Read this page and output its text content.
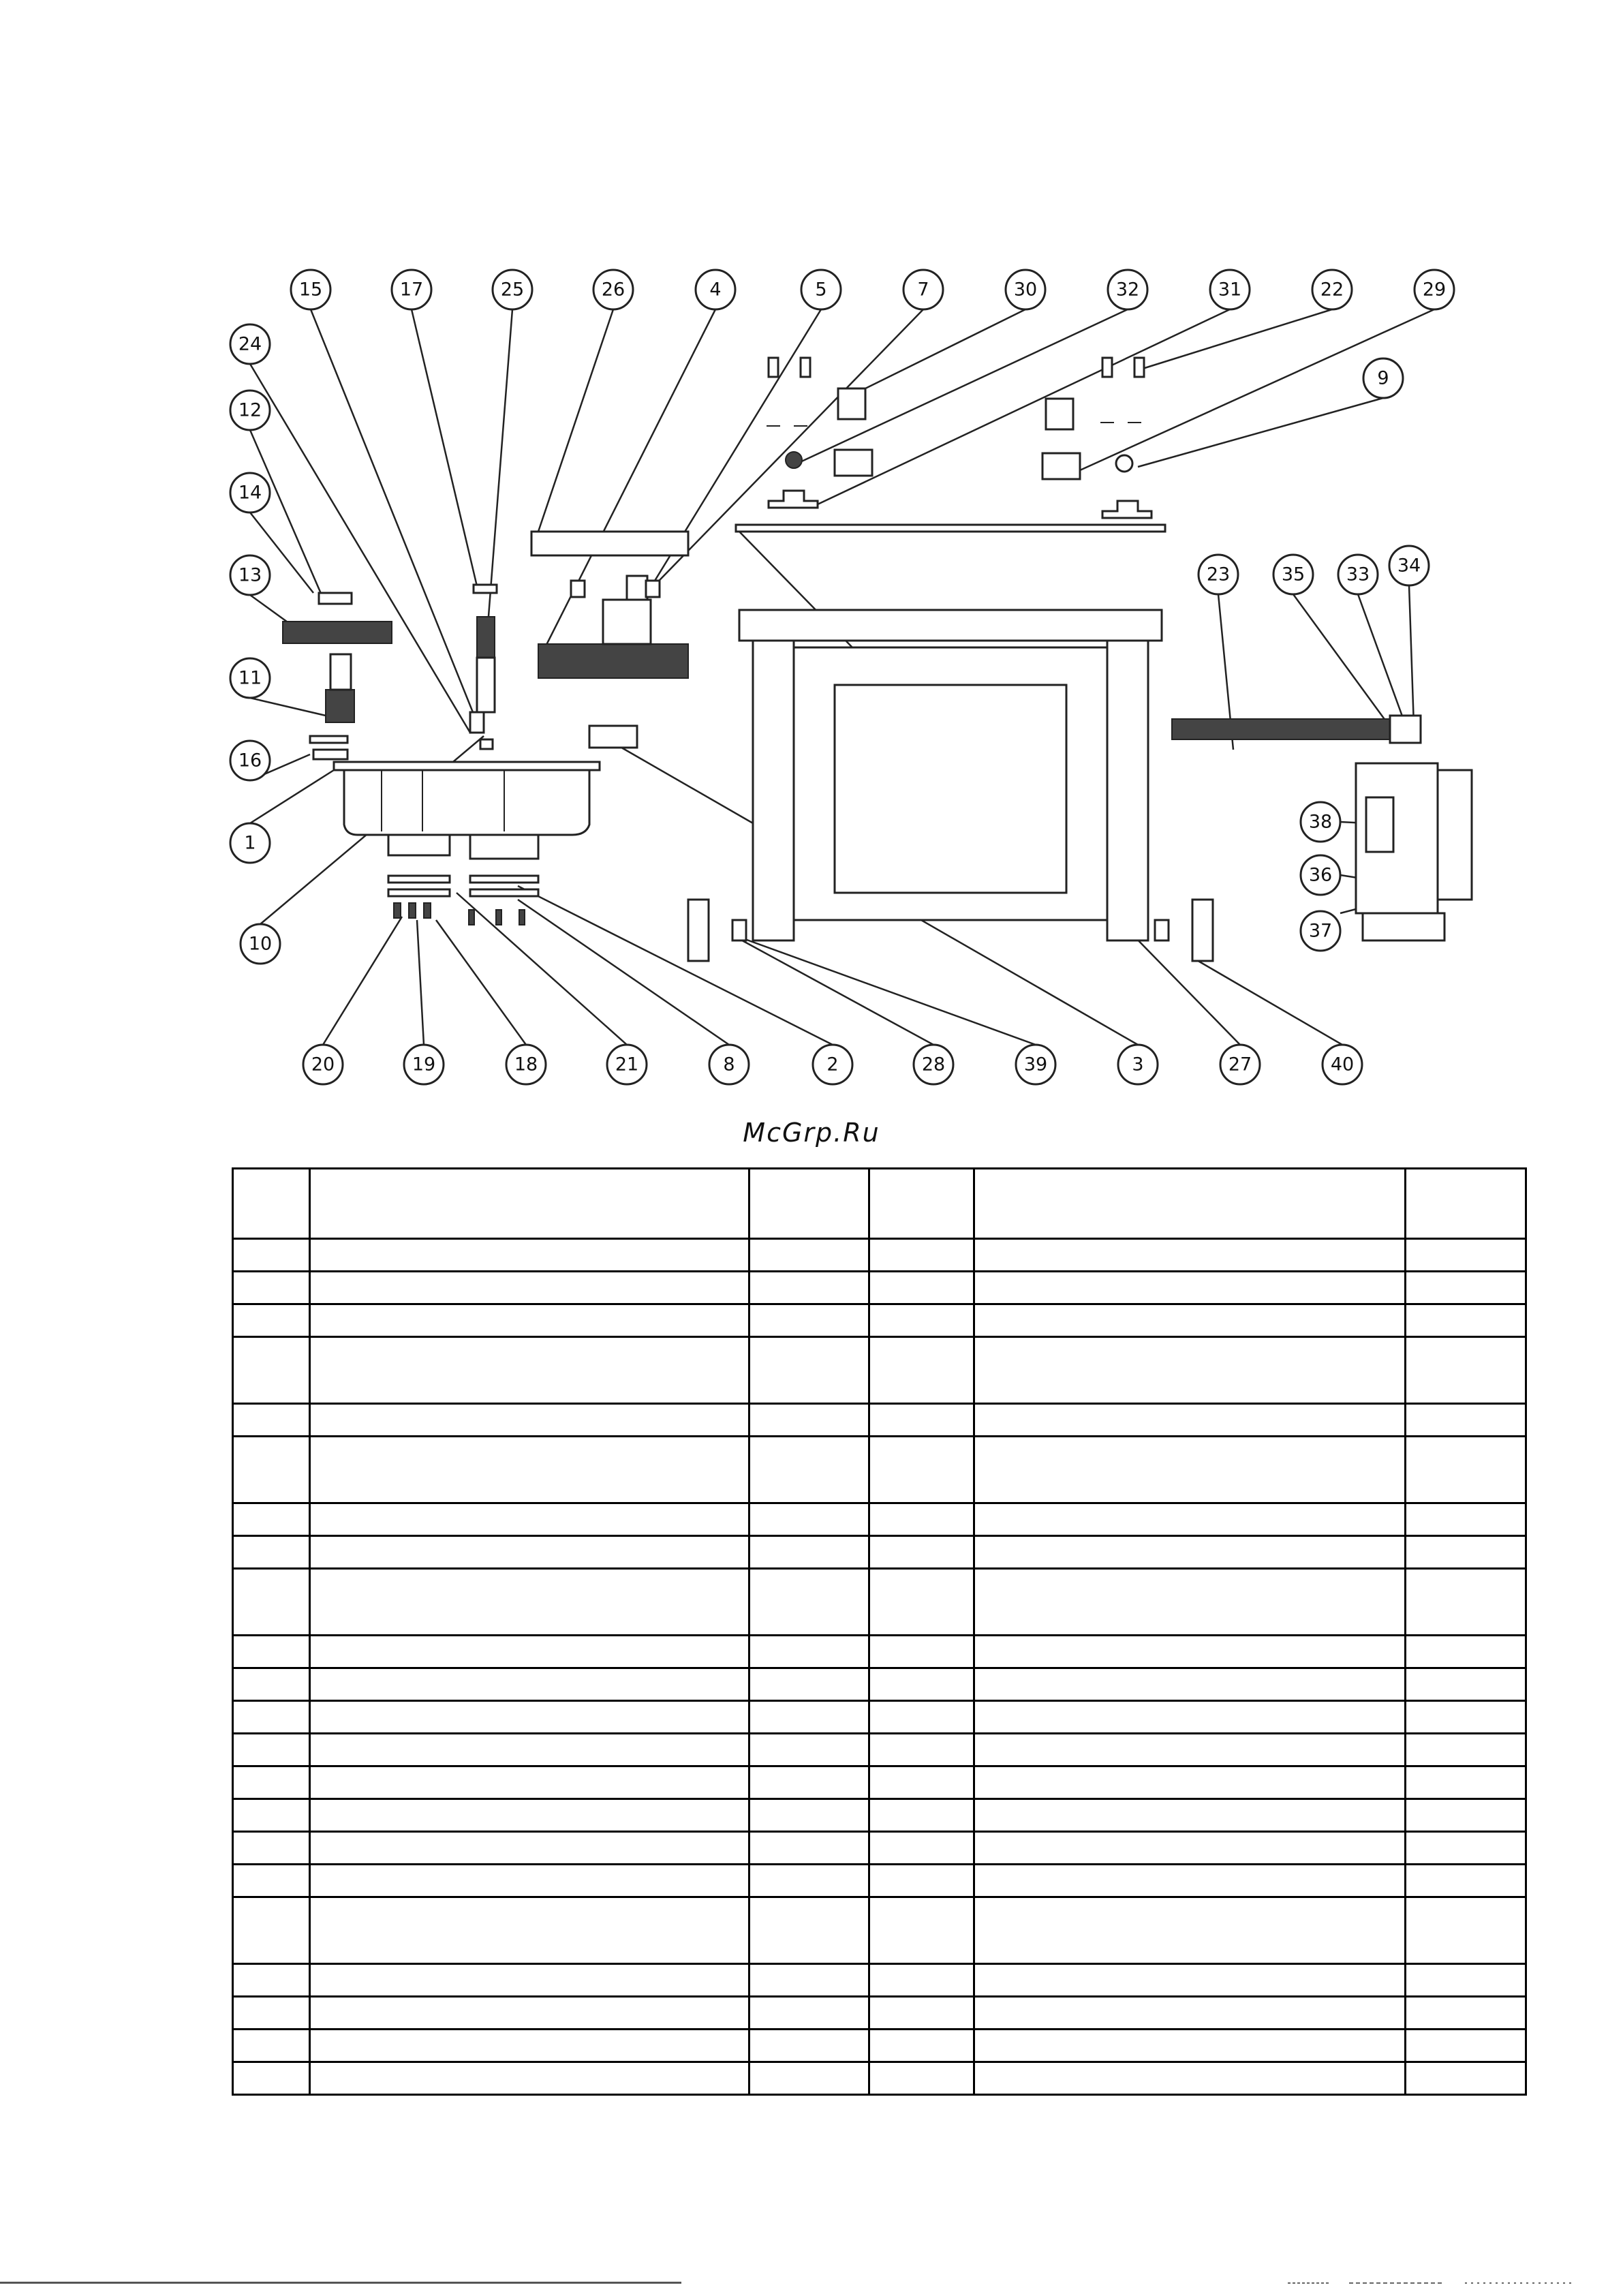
15	17	25	26	4	5	7	30	32	31	22	29
24
12
9
14
13	23	35 33 34
11
16
38
1
36
37
10
20	19	18	21	8	2	28	39	3	27	40
McGrp.Ru
